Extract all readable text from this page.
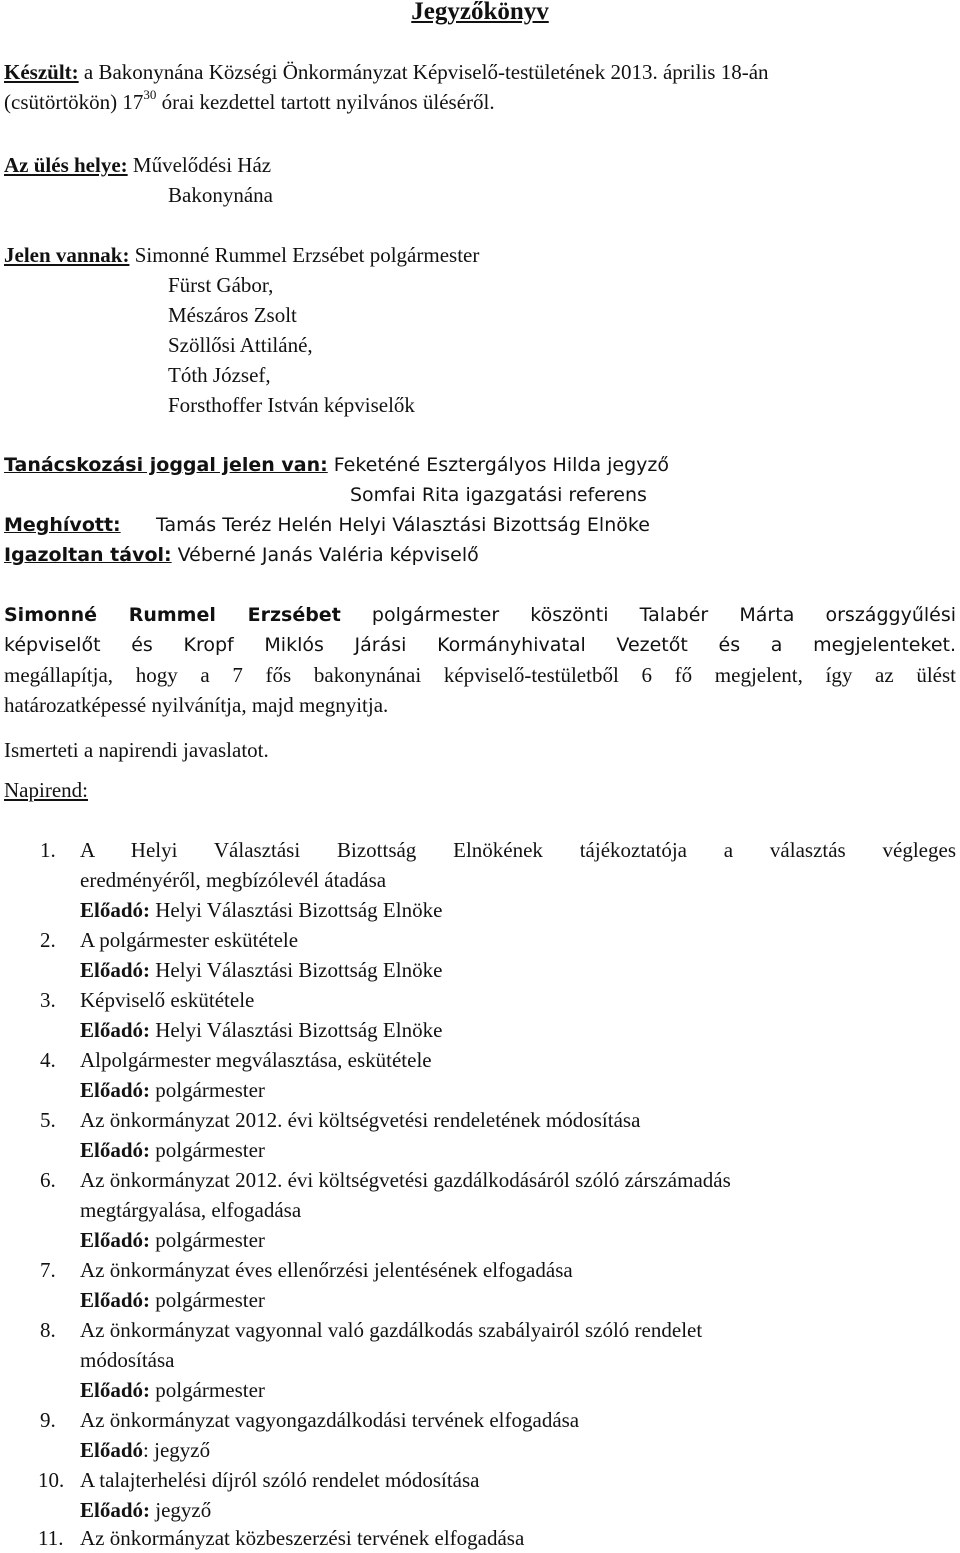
Jegyzőkönyv
Készült: a Bakonynána Községi Önkormányzat Képviselő-testületének 2013. április 18-án
(csütörtökön) $17^{30}$ órai kezdettel tartott nyilvános üléséről.
Az ülés helye: Művelődési Ház
Bakonynána
Jelen vannak: Simonné Rummel Erzsébet polgármester
Fürst Gábor,
Mészáros Zsolt
Szöllősi Attiláné,
Tóth József,
Forsthoffer István képviselők
Tanácskozási joggal jelen van: Feketéné Esztergályos Hilda jegyző
Somfai Rita igazgatási referens
Meghívott: Tamás Teréz Helén Helyi Választási Bizottság Elnöke
Igazoltan távol: Véberné Janás Valéria képviselő
Simonné Rummel Erzsébet polgármester köszönti Talabér Márta országgyűlési
képviselőt és Kropf Miklós Járási Kormányhivatal Vezetőt és a megjelenteket.
megállapítja, hogy a 7 fős bakonynánai képviselő-testületből 6 fő megjelent, így az ülést
határozatképessé nyilvánítja, majd megnyitja.
Ismerteti a napirendi javaslatot.
Napirend:
1. A Helyi Választási Bizottság Elnökének tájékoztatója a választás végleges
eredményéről, megbízólevél átadása
Előadó: Helyi Választási Bizottság Elnöke
2. A polgármester eskütétele
Előadó: Helyi Választási Bizottság Elnöke
3. Képviselő eskütétele
Előadó: Helyi Választási Bizottság Elnöke
4. Alpolgármester megválasztása, eskütétele
Előadó: polgármester
5. Az önkormányzat 2012. évi költségvetési rendeletének módosítása
Előadó: polgármester
6. Az önkormányzat 2012. évi költségvetési gazdálkodásáról szóló zárszámadás
megtárgyalása, elfogadása
Előadó: polgármester
7. Az önkormányzat éves ellenőrzési jelentésének elfogadása
Előadó: polgármester
8. Az önkormányzat vagyonnal való gazdálkodás szabályairól szóló rendelet
módosítása
Előadó: polgármester
9. Az önkormányzat vagyongazdálkodási tervének elfogadása
Előadó: jegyző
10. A talajterhelési díjról szóló rendelet módosítása
Előadó: jegyző
11. Az önkormányzat közbeszerzési tervének elfogadása
